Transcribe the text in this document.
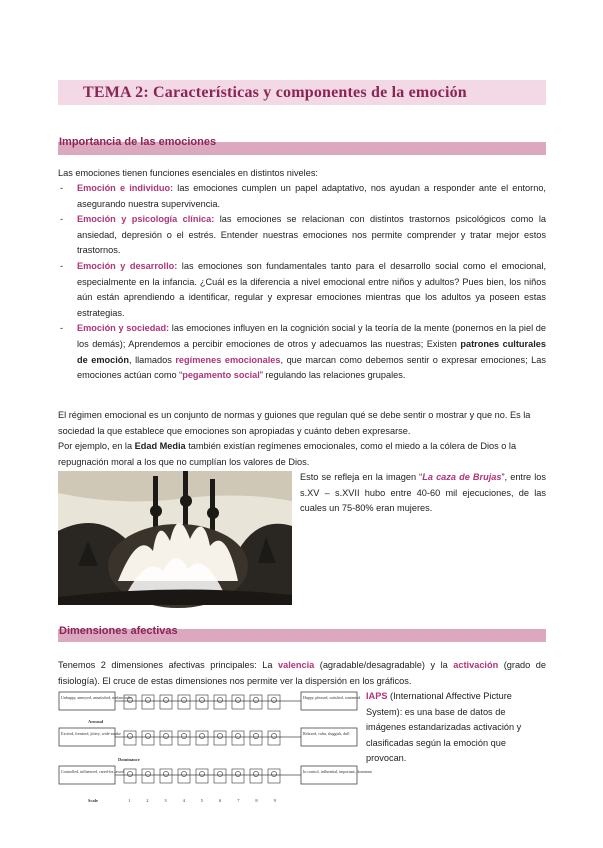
TEMA 2: Características y componentes de la emoción
Importancia de las emociones
Las emociones tienen funciones esenciales en distintos niveles:
- Emoción e individuo: las emociones cumplen un papel adaptativo, nos ayudan a responder ante el entorno, asegurando nuestra supervivencia.
- Emoción y psicología clínica: las emociones se relacionan con distintos trastornos psicológicos como la ansiedad, depresión o el estrés. Entender nuestras emociones nos permite comprender y tratar mejor estos trastornos.
- Emoción y desarrollo: las emociones son fundamentales tanto para el desarrollo social como el emocional, especialmente en la infancia. ¿Cuál es la diferencia a nivel emocional entre niños y adultos? Pues bien, los niños aún están aprendiendo a identificar, regular y expresar emociones mientras que los adultos ya poseen estas estrategias.
- Emoción y sociedad: las emociones influyen en la cognición social y la teoría de la mente (ponernos en la piel de los demás); Aprendemos a percibir emociones de otros y adecuamos las nuestras; Existen patrones culturales de emoción, llamados regímenes emocionales, que marcan como debemos sentir o expresar emociones; Las emociones actúan como “pegamento social” regulando las relaciones grupales.
El régimen emocional es un conjunto de normas y guiones que regulan qué se debe sentir o mostrar y que no. Es la sociedad la que establece que emociones son apropiadas y cuánto deben expresarse.
Por ejemplo, en la Edad Media también existían regímenes emocionales, como el miedo a la cólera de Dios o la repugnación moral a los que no cumplían los valores de Dios.
Esto se refleja en la imagen “La caza de Brujas”, entre los s.XV – s.XVII hubo entre 40-60 mil ejecuciones, de las cuales un 75-80% eran mujeres.
Dimensiones afectivas
Tenemos 2 dimensiones afectivas principales: La valencia (agradable/desagradable) y la activación (grado de fisiología). El cruce de estas dimensiones nos permite ver la dispersión en los gráficos.
Unhappy, annoyed, unsatisfied, melancholic	Happy, pleased, satisfied, contented
Excited, frenzied, jittery, wide-awake	Relaxed, calm, sluggish, dull
Controlled, influenced, cared-for, awed	In control, influential, important, dominant
Arousal
Dominance
Scale	1	2	3	4	5	6	7	8	9
IAPS (International Affective Picture System): es una base de datos de imágenes estandarizadas activación y clasificadas según la emoción que provocan.
